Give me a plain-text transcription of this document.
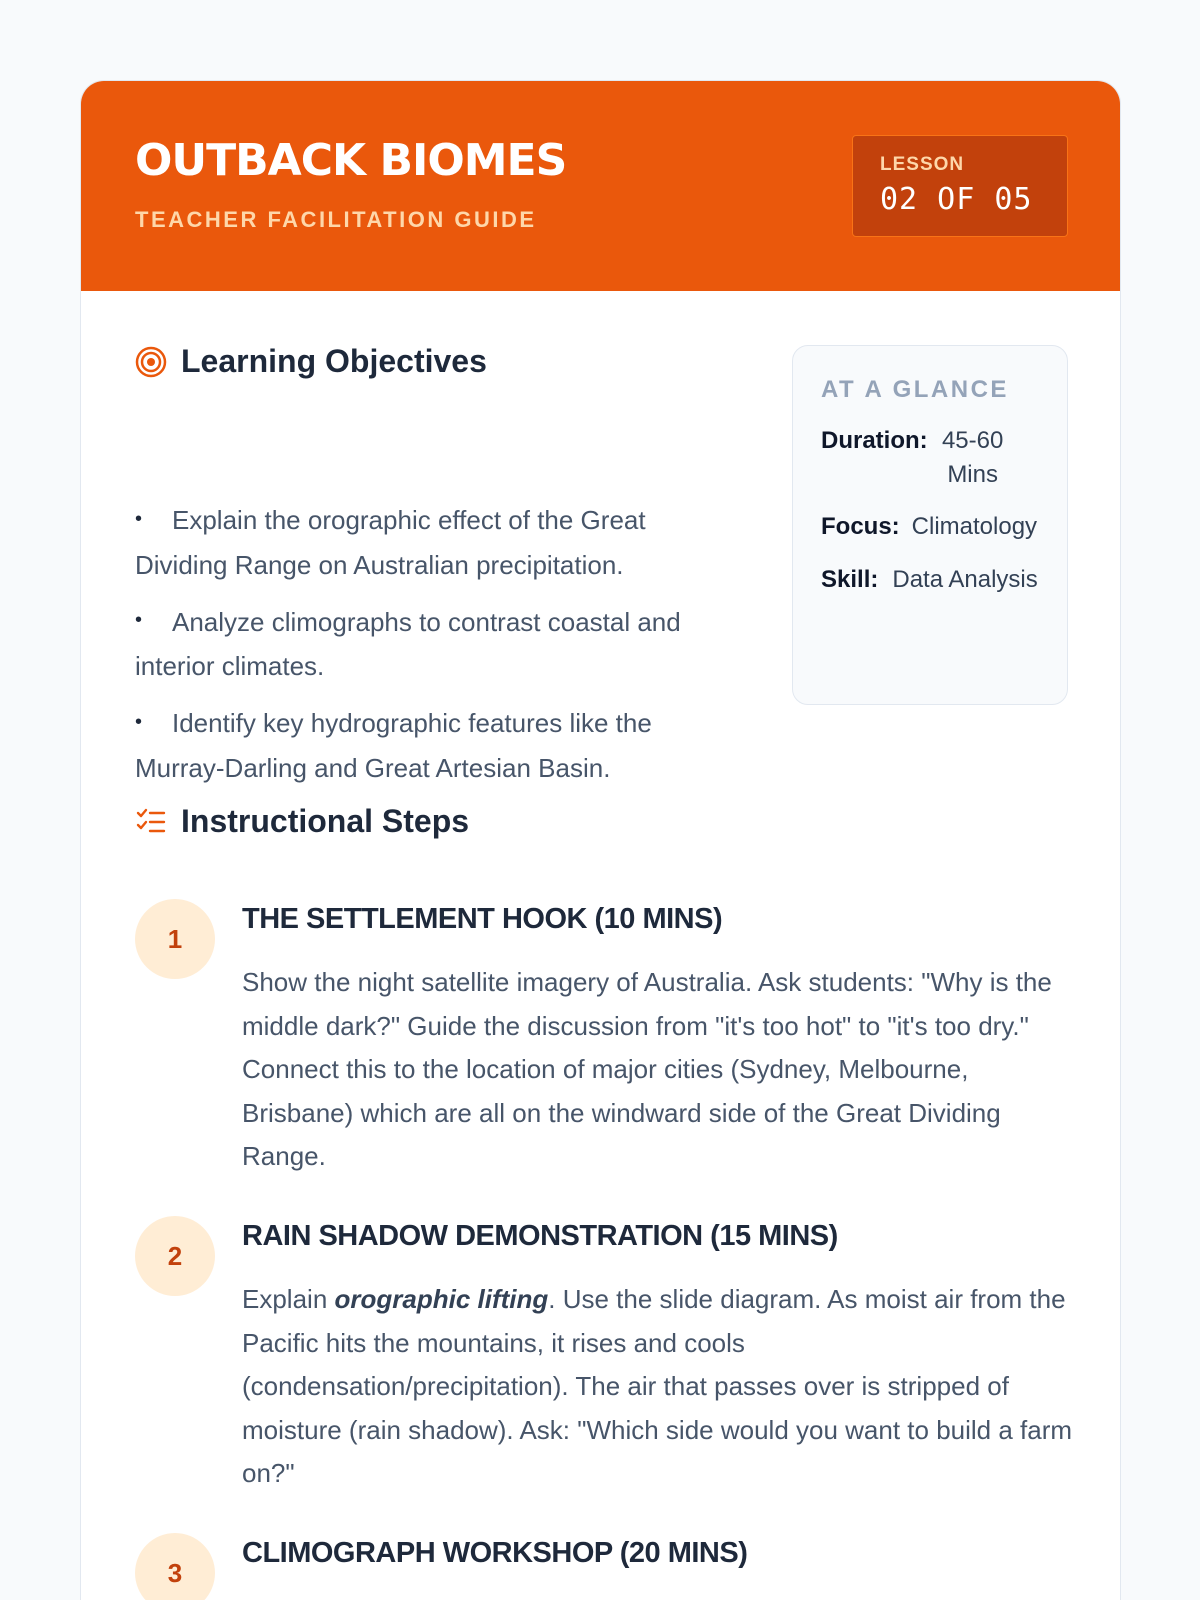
OUTBACK BIOMES
TEACHER FACILITATION GUIDE
LESSON
02 OF 05
Learning Objectives
• Explain the orographic effect of the Great Dividing Range on Australian precipitation.
• Analyze climographs to contrast coastal and interior climates.
• Identify key hydrographic features like the Murray-Darling and Great Artesian Basin.
AT A GLANCE
Duration: 45-60 Mins
Focus: Climatology
Skill: Data Analysis
Instructional Steps
1
THE SETTLEMENT HOOK (10 MINS)
Show the night satellite imagery of Australia. Ask students: "Why is the middle dark?" Guide the discussion from "it's too hot" to "it's too dry." Connect this to the location of major cities (Sydney, Melbourne, Brisbane) which are all on the windward side of the Great Dividing Range.
2
RAIN SHADOW DEMONSTRATION (15 MINS)
Explain orographic lifting. Use the slide diagram. As moist air from the Pacific hits the mountains, it rises and cools (condensation/precipitation). The air that passes over is stripped of moisture (rain shadow). Ask: "Which side would you want to build a farm on?"
3
CLIMOGRAPH WORKSHOP (20 MINS)
